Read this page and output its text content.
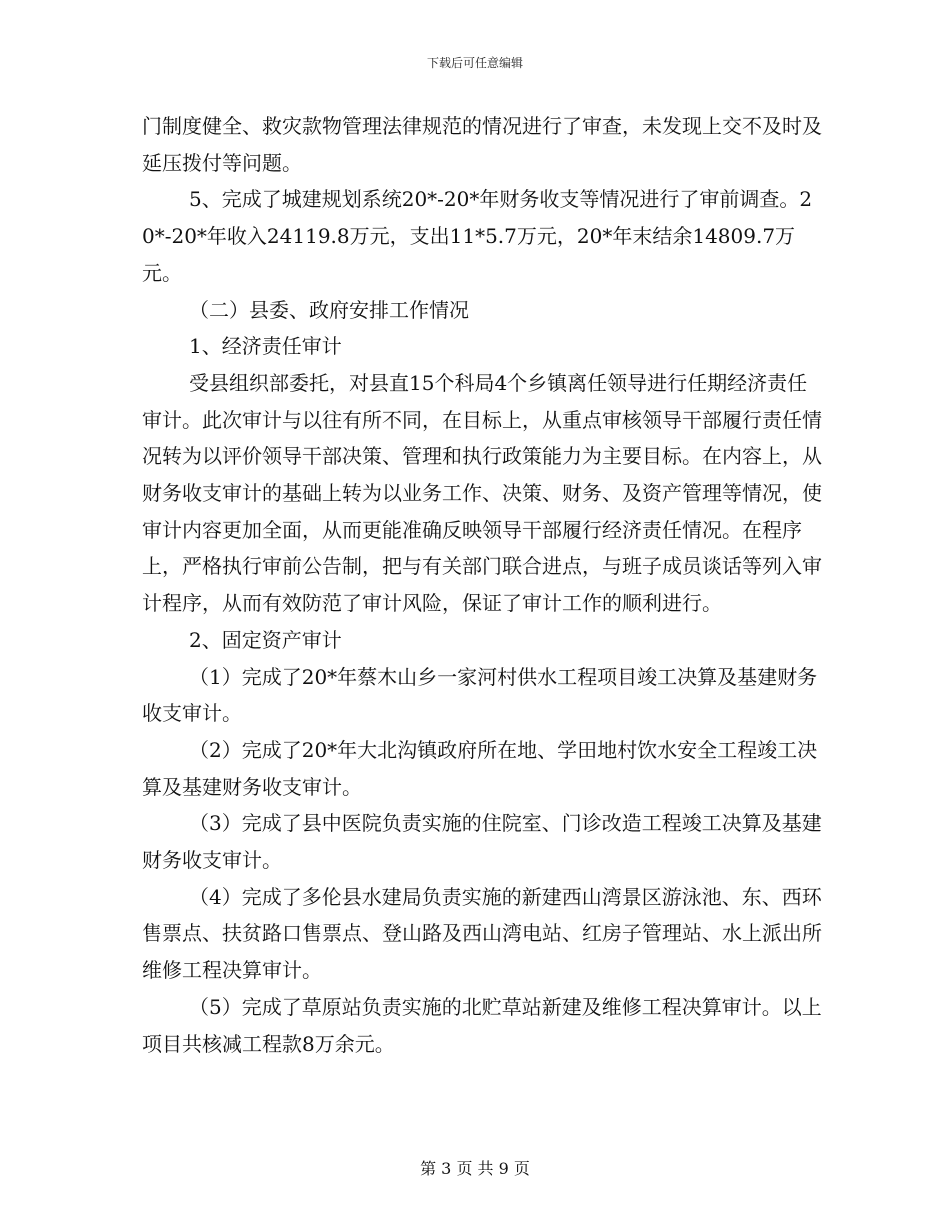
下载后可任意编辑

门制度健全、救灾款物管理法律规范的情况进行了审查，未发现上交不及时及延压拨付等问题。

5、完成了城建规划系统20*-20*年财务收支等情况进行了审前调查。20*-20*年收入24119.8万元，支出11*5.7万元，20*年末结余14809.7万元。

（二）县委、政府安排工作情况

1、经济责任审计

受县组织部委托，对县直15个科局4个乡镇离任领导进行任期经济责任审计。此次审计与以往有所不同，在目标上，从重点审核领导干部履行责任情况转为以评价领导干部决策、管理和执行政策能力为主要目标。在内容上，从财务收支审计的基础上转为以业务工作、决策、财务、及资产管理等情况，使审计内容更加全面，从而更能准确反映领导干部履行经济责任情况。在程序上，严格执行审前公告制，把与有关部门联合进点，与班子成员谈话等列入审计程序，从而有效防范了审计风险，保证了审计工作的顺利进行。

2、固定资产审计

（1）完成了20*年蔡木山乡一家河村供水工程项目竣工决算及基建财务收支审计。

（2）完成了20*年大北沟镇政府所在地、学田地村饮水安全工程竣工决算及基建财务收支审计。

（3）完成了县中医院负责实施的住院室、门诊改造工程竣工决算及基建财务收支审计。

（4）完成了多伦县水建局负责实施的新建西山湾景区游泳池、东、西环售票点、扶贫路口售票点、登山路及西山湾电站、红房子管理站、水上派出所维修工程决算审计。

（5）完成了草原站负责实施的北贮草站新建及维修工程决算审计。以上项目共核减工程款8万余元。

第 3 页 共 9 页
